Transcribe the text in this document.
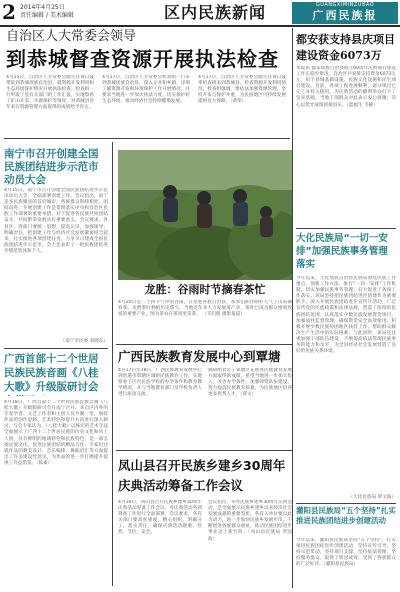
2 2014年4月25日
责任编辑 / 美术编辑	区内民族新闻	GUANGXIMINZUBAO
广西民族报
自治区人大常委会领导
到恭城督查资源开展执法检查
4月15日，自治区人大常委会副主任黄日波带队到恭城瑶族自治县，就资源开发利用和生态环境保护情况开展执法检查。检查组一行听取了县有关部门的工作汇报，实地察看了矿山开采、水源保护等情况，对恭城县近年来在资源管理方面取得的成绩给予肯定。
4月17日，自治区人大常委会检查组一行来到恭城瑶族自治县，深入企业和乡镇，详细了解资源开发和环境保护工作开展情况，并要求当地进一步加大执法力度，切实保护好生态环境，推动经济社会持续健康发展。
4月17日，自治区人大常委会副主任黄日波率检查组来到恭城县，检查资源开发利用情况。检查组强调，要依法加强资源管理，坚持开发与保护并重，为民族地区可持续发展提供有力保障。（黄荣）
都安获支持县庆项目建设资金6073万
本报讯 都安瑶族自治县成立60周年庆典项目建设工作正稳步推进，自治区共安排支持资金6073万元，用于县城基础设施、民族文化设施和民生项目建设。目前，各项工程进展顺利，部分项目已完工并投入使用，为庆典活动的顺利举办打下了坚实基础。当地干部群众对此表示衷心感谢，决心以优异成绩迎接县庆。（蓝福生 韦静）
南宁市召开创建全国民族团结进步示范市动员大会
4月15日，南宁市召开创建全国民族团结进步示范市动员大会，全面部署创建工作。会议指出，南宁是多民族聚居的首府城市，各族群众和睦相处、团结奋进。开展创建工作是贯彻落实中央和自治区民族工作部署的重要举措，对于促进各民族共同团结奋斗、共同繁荣发展具有重要意义。会议要求，各县区、各部门要统一思想，提高认识，加强领导，明确责任，把创建工作与经济社会发展紧密结合起来，扎实推进各项创建任务，力争早日建成全国民族团结进步示范市。会上还表彰了一批民族团结进步模范集体和个人。
（南宁市民委 刘晓东）
龙胜：谷雨时节摘春茶忙
4月20日是二十四节气中的谷雨，在龙胜各族自治县，茶农们抓住晴好天气上山采摘春茶。龙胜茶叶种植历史悠久，当地近年来大力发展茶产业，茶叶已成为群众增收致富的重要产业。图为茶农在茶园里采茶。 （韦启昭 摄影报道）
大化民族局“一切一安排”加强民族事务管理落实
今年以来，大化瑶族自治县民族局围绕民族工作重点，创新工作方法，推行“一切一安排”工作机制，切实加强民族事务管理，有力促进了各项工作落实。该局坚持把民族团结进步创建作为重要抓手，深入开展民族团结进步宣传月活动，广泛宣传党的民族政策和法律法规，营造了浓厚的民族团结氛围；认真落实少数民族发展资金项目，加强项目监督管理，确保资金安全高效使用；积极开展少数民族特困地区扶持工作，帮助群众解决生产生活中的实际困难。与此同时，该局还注重加强干部队伍建设，不断提高依法管理民族事务的能力和水平，为全县经济社会发展营造了良好的民族关系环境。
（大化民族局 覃文波）
广西首部十二个世居民族民族音画《八桂大歌》升级版研讨会
4月18日，广西首部十二个世居民族民族音画《八桂大歌》升级版研讨会在南宁召开。来自区内外的专家学者、文艺工作者和主创人员共聚一堂，围绕作品的创作思路、艺术特色和提升方向进行深入研讨。与会专家认为，《八桂大歌》以恢宏的艺术手法全面展示了广西十二个世居民族的历史文化和风土人情，具有鲜明的地域特色和民族特色，是一部弘扬民族文化、促进民族团结的精品力作。专家们还就作品的舞美设计、音乐编排、舞蹈语汇等方面提出了许多建设性意见，为作品的进一步打磨提升提供了有益借鉴。（陈素）
广西民族教育发展中心到覃塘
4月17日至18日，广西民族教育发展中心到贵港市覃塘区调研民族教育工作，实地察看了区内民族学校的办学条件和教育教学情况，并与当地教育部门及学校负责人进行座谈交流。
调研组肯定了覃塘区在推进民族教育发展方面取得的成绩，希望当地进一步加大投入，改善办学条件，加强师资队伍建设，努力提高民族教育质量，为民族地区培养更多优秀人才。（覃文）
凤山县召开民族乡建乡30周年庆典活动筹备工作会议
4月16日，凤山县召开民族乡建乡30周年庆典活动筹备工作会议，对庆典活动各项筹备工作进行全面部署。会议要求，各有关部门要高度重视，精心组织，明确分工，落实责任，确保庆典活动隆重、热烈、节俭、安全。
会议指出，举办民族乡建乡30周年庆典活动，是全面展示民族乡建乡以来经济社会发展成就的重要契机，各有关单位要以此为动力，进一步加快民族乡发展步伐，不断增进各族群众福祉，推动民族团结进步事业迈上新台阶。（凤山县民族局 罗国政）
灌阳县民族局“五个坚持”扎实推进民族团结进步创建活动
今年以来，灌阳县民族局坚持“五个坚持”，扎实推进民族团结进步创建活动，坚持宣传引导，坚持示范带动，坚持项目支撑，坚持依法管理，坚持服务群众，取得了明显成效，受到了各族群众的广泛好评。（灌阳县民族局）
